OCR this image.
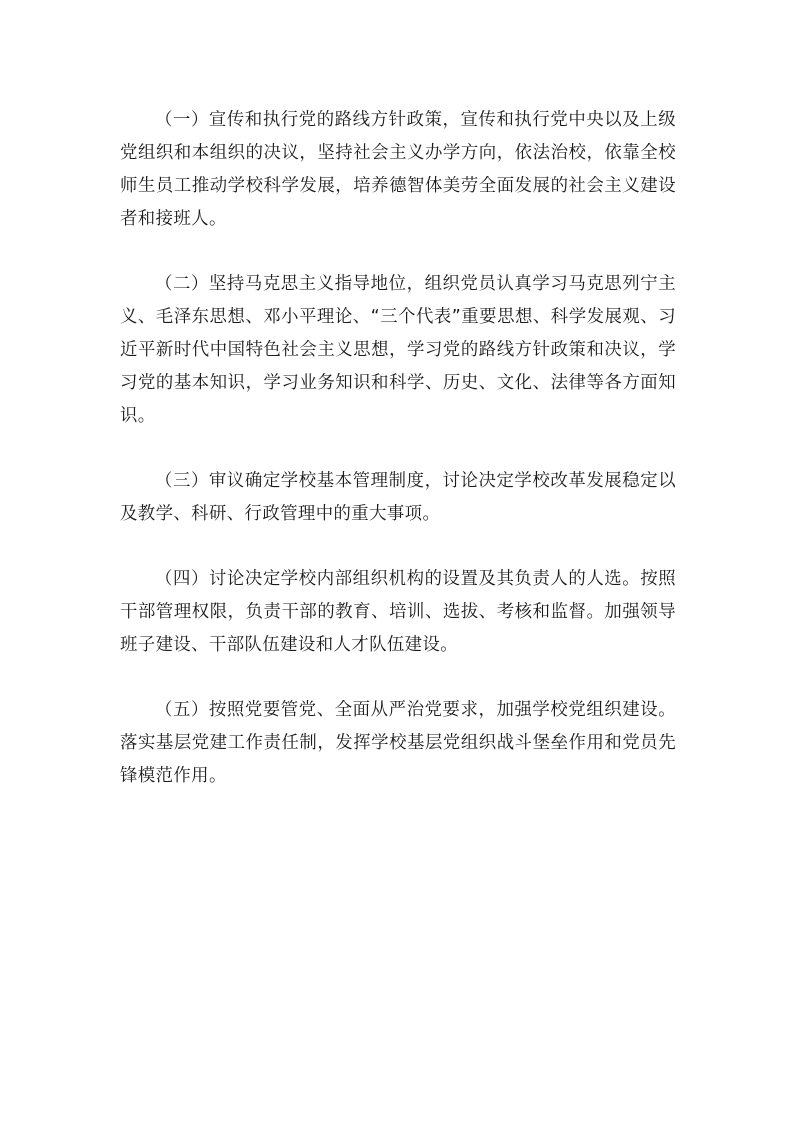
（一）宣传和执行党的路线方针政策，宣传和执行党中央以及上级党组织和本组织的决议，坚持社会主义办学方向，依法治校，依靠全校师生员工推动学校科学发展，培养德智体美劳全面发展的社会主义建设者和接班人。

（二）坚持马克思主义指导地位，组织党员认真学习马克思列宁主义、毛泽东思想、邓小平理论、“三个代表”重要思想、科学发展观、习近平新时代中国特色社会主义思想，学习党的路线方针政策和决议，学习党的基本知识，学习业务知识和科学、历史、文化、法律等各方面知识。

（三）审议确定学校基本管理制度，讨论决定学校改革发展稳定以及教学、科研、行政管理中的重大事项。

（四）讨论决定学校内部组织机构的设置及其负责人的人选。按照干部管理权限，负责干部的教育、培训、选拔、考核和监督。加强领导班子建设、干部队伍建设和人才队伍建设。

（五）按照党要管党、全面从严治党要求，加强学校党组织建设。落实基层党建工作责任制，发挥学校基层党组织战斗堡垒作用和党员先锋模范作用。
